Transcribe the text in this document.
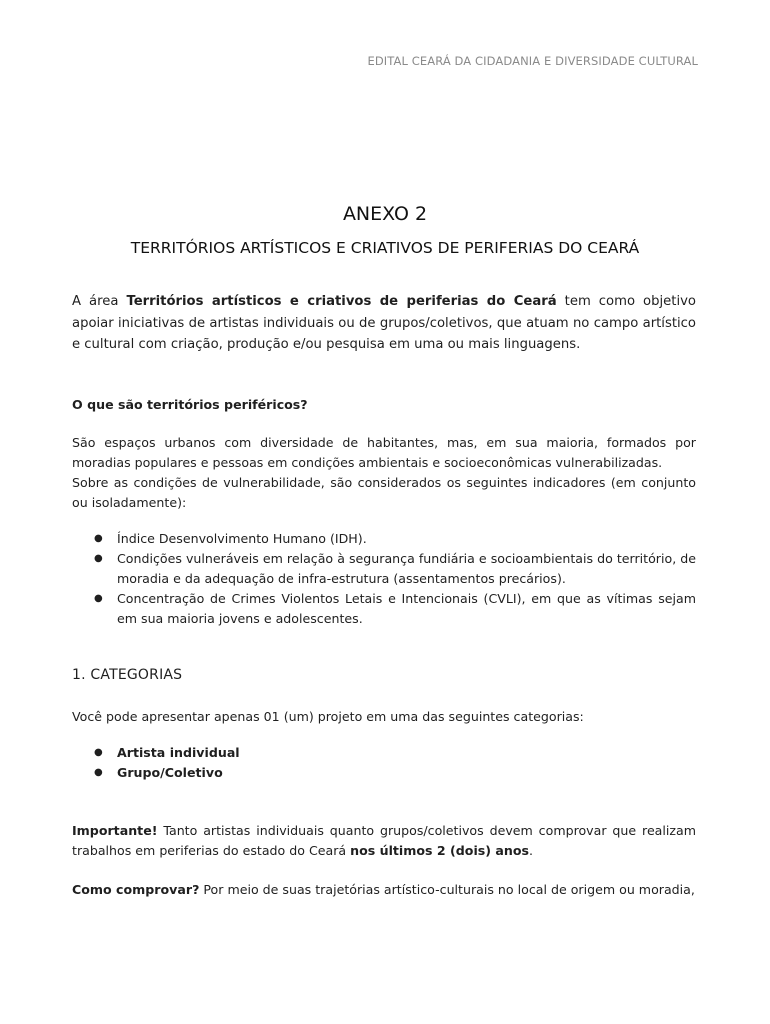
EDITAL CEARÁ DA CIDADANIA E DIVERSIDADE CULTURAL
ANEXO 2
TERRITÓRIOS ARTÍSTICOS E CRIATIVOS DE PERIFERIAS DO CEARÁ

A área Territórios artísticos e criativos de periferias do Ceará tem como objetivo apoiar iniciativas de artistas individuais ou de grupos/coletivos, que atuam no campo artístico e cultural com criação, produção e/ou pesquisa em uma ou mais linguagens.

O que são territórios periféricos?

São espaços urbanos com diversidade de habitantes, mas, em sua maioria, formados por moradias populares e pessoas em condições ambientais e socioeconômicas vulnerabilizadas.

Sobre as condições de vulnerabilidade, são considerados os seguintes indicadores (em conjunto ou isoladamente):

● Índice Desenvolvimento Humano (IDH).
● Condições vulneráveis em relação à segurança fundiária e socioambientais do território, de moradia e da adequação de infra-estrutura (assentamentos precários).
● Concentração de Crimes Violentos Letais e Intencionais (CVLI), em que as vítimas sejam em sua maioria jovens e adolescentes.

1. CATEGORIAS

Você pode apresentar apenas 01 (um) projeto em uma das seguintes categorias:

● Artista individual
● Grupo/Coletivo

Importante! Tanto artistas individuais quanto grupos/coletivos devem comprovar que realizam trabalhos em periferias do estado do Ceará nos últimos 2 (dois) anos.

Como comprovar? Por meio de suas trajetórias artístico-culturais no local de origem ou moradia,
